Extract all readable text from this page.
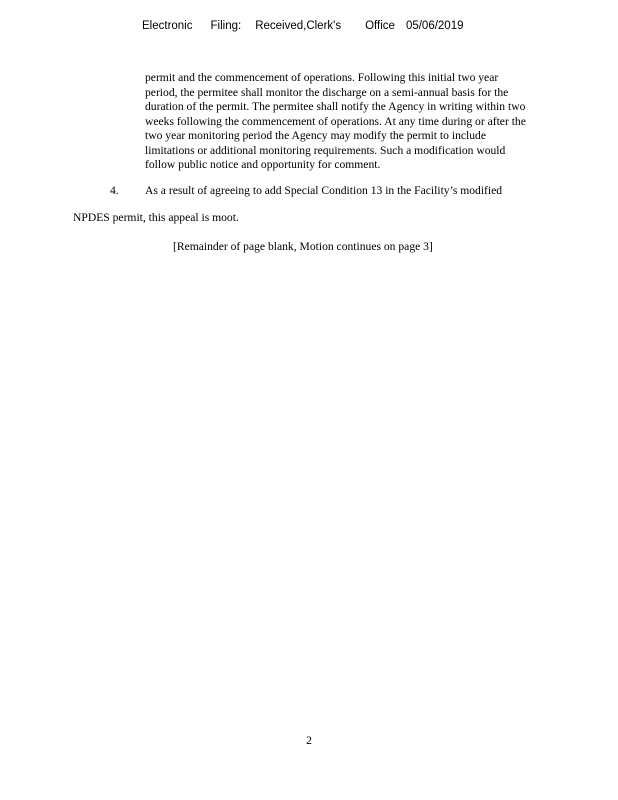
Electronic Filing: Received,Clerk's Office 05/06/2019
permit and the commencement of operations. Following this initial two year
period, the permitee shall monitor the discharge on a semi-annual basis for the
duration of the permit. The permitee shall notify the Agency in writing within two
weeks following the commencement of operations. At any time during or after the
two year monitoring period the Agency may modify the permit to include
limitations or additional monitoring requirements. Such a modification would
follow public notice and opportunity for comment.
4. As a result of agreeing to add Special Condition 13 in the Facility’s modified
NPDES permit, this appeal is moot.
[Remainder of page blank, Motion continues on page 3]
2
